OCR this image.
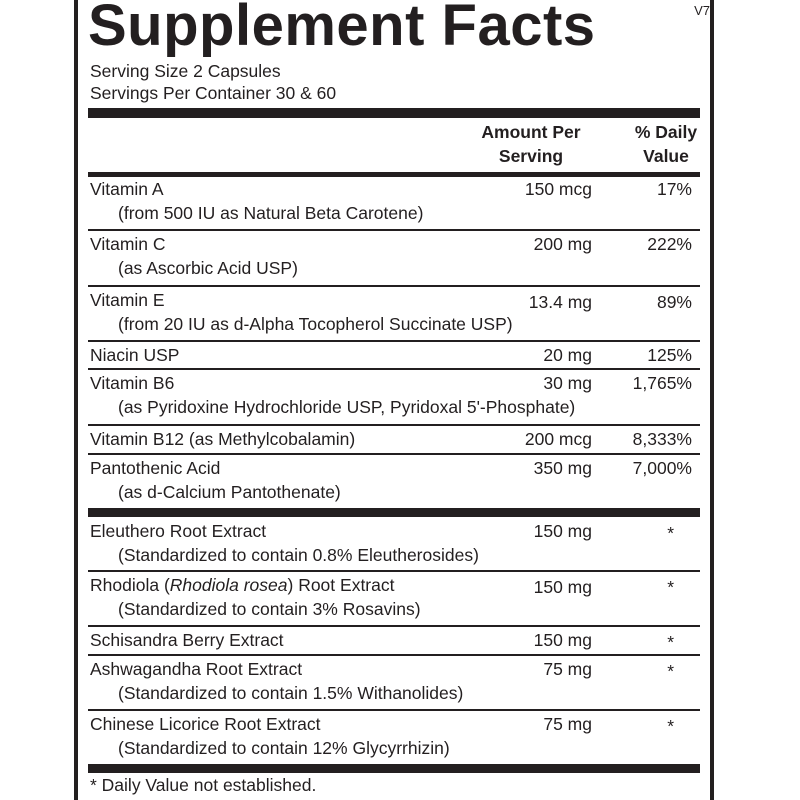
Supplement Facts	V7
Serving Size 2 Capsules
Servings Per Container 30 & 60
Amount Per
Serving
% Daily
Value
Vitamin A
(from 500 IU as Natural Beta Carotene)
150 mcg	17%
Vitamin C
(as Ascorbic Acid USP)
200 mg	222%
Vitamin E
(from 20 IU as d-Alpha Tocopherol Succinate USP)
13.4 mg	89%
Niacin USP	20 mg	125%
Vitamin B6
(as Pyridoxine Hydrochloride USP, Pyridoxal 5'-Phosphate)
30 mg 1,765%
Vitamin B12 (as Methylcobalamin)	200 mcg 8,333%
Pantothenic Acid
(as d-Calcium Pantothenate)
350 mg 7,000%
Eleuthero Root Extract
(Standardized to contain 0.8% Eleutherosides)
150 mg	*
Rhodiola (Rhodiola rosea) Root Extract
(Standardized to contain 3% Rosavins)
150 mg	*
Schisandra Berry Extract	150 mg	*
Ashwagandha Root Extract
(Standardized to contain 1.5% Withanolides)
75 mg	*
Chinese Licorice Root Extract
(Standardized to contain 12% Glycyrrhizin)
75 mg	*
* Daily Value not established.
